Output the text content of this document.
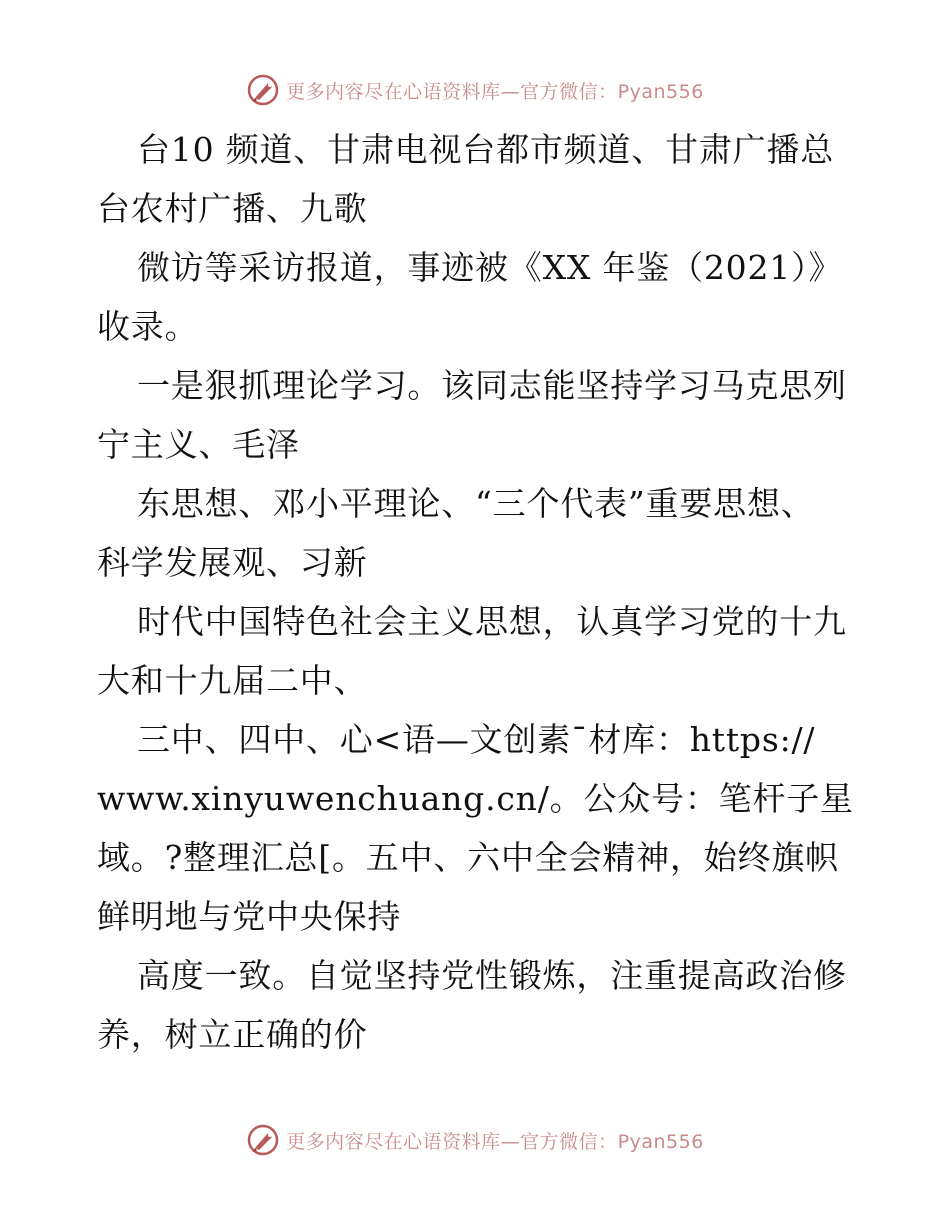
更多内容尽在心语资料库—官方微信：Pyan556
台10 频道、甘肃电视台都市频道、甘肃广播总
台农村广播、九歌
微访等采访报道，事迹被《XX 年鉴（2021）》
收录。
一是狠抓理论学习。该同志能坚持学习马克思列
宁主义、毛泽
东思想、邓小平理论、“三个代表”重要思想、
科学发展观、习新
时代中国特色社会主义思想，认真学习党的十九
大和十九届二中、
三中、四中、心<语—文创素¯材库：https://
www.xinyuwenchuang.cn/。公众号：笔杆子星
域。?整理汇总[。五中、六中全会精神，始终旗帜
鲜明地与党中央保持
高度一致。自觉坚持党性锻炼，注重提高政治修
养，树立正确的价
更多内容尽在心语资料库—官方微信：Pyan556
